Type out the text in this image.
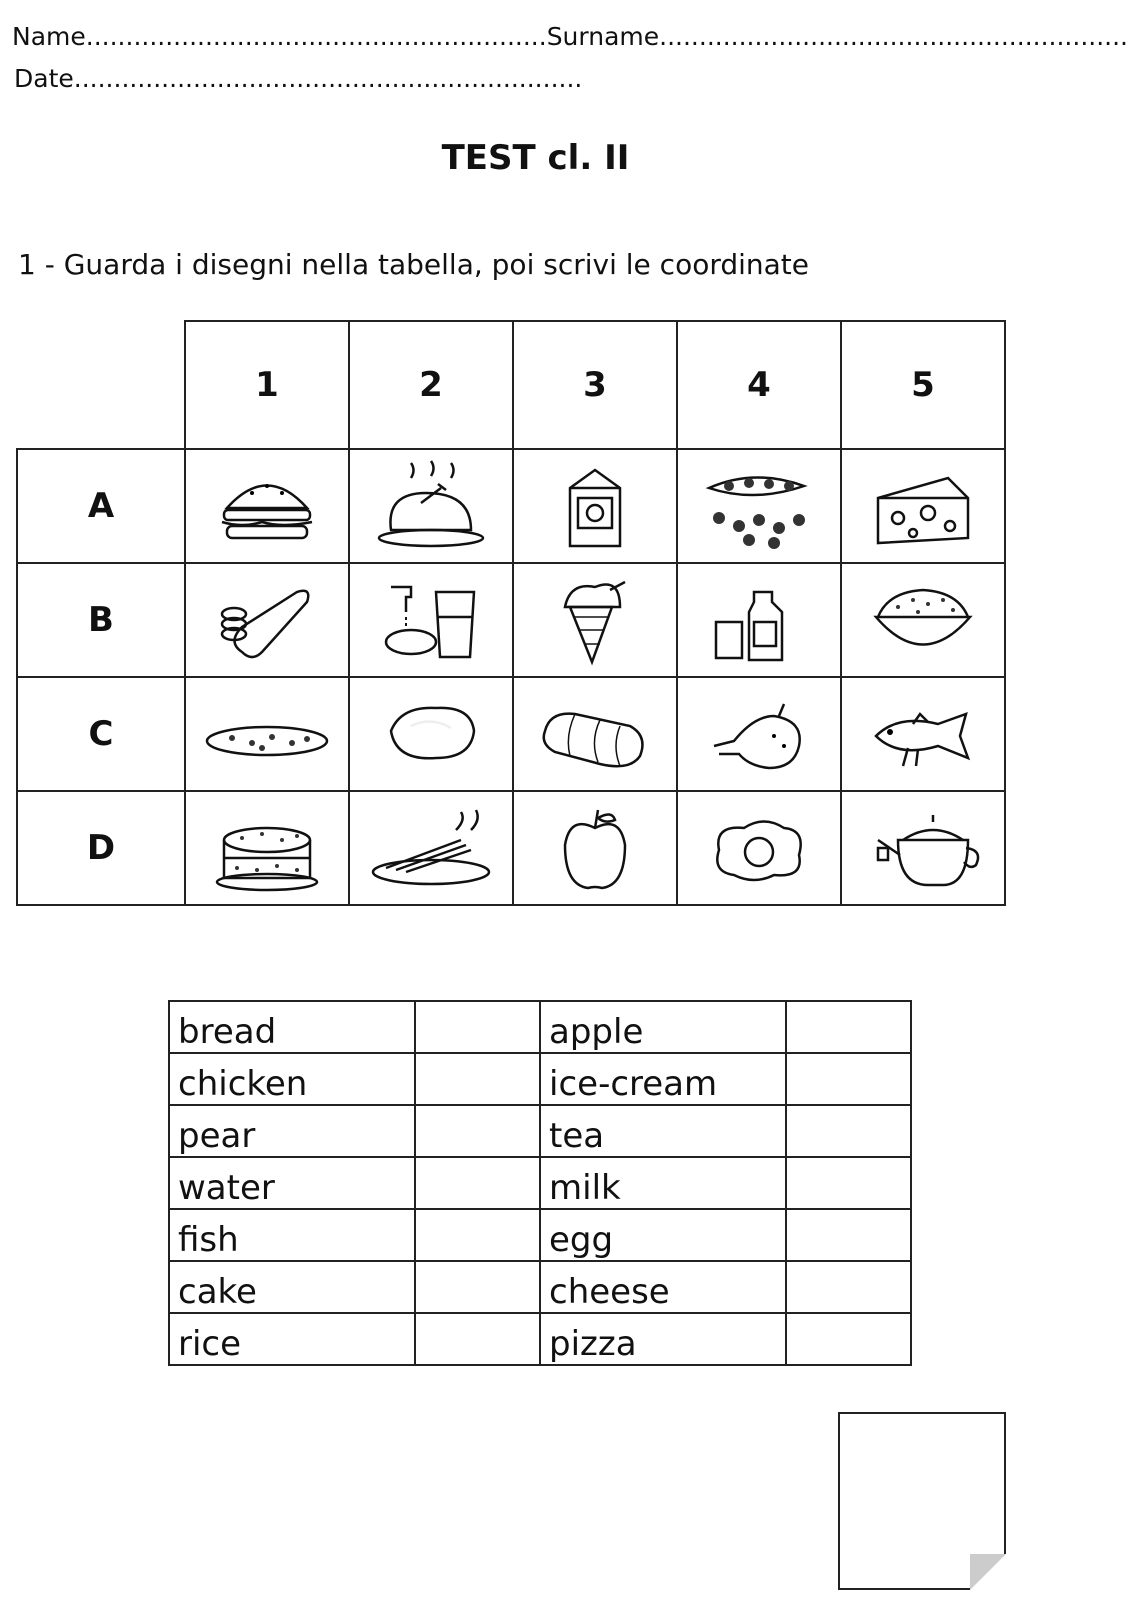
Name..........................................................Surname...........................................................
Date................................................................
TEST cl. II
1 - Guarda i disegni nella tabella, poi scrivi le coordinate
1	2	3	4	5
A
B
C
D
bread		apple	
chicken		ice-cream	
pear		tea	
water		milk	
fish		egg	
cake		cheese	
rice		pizza	
